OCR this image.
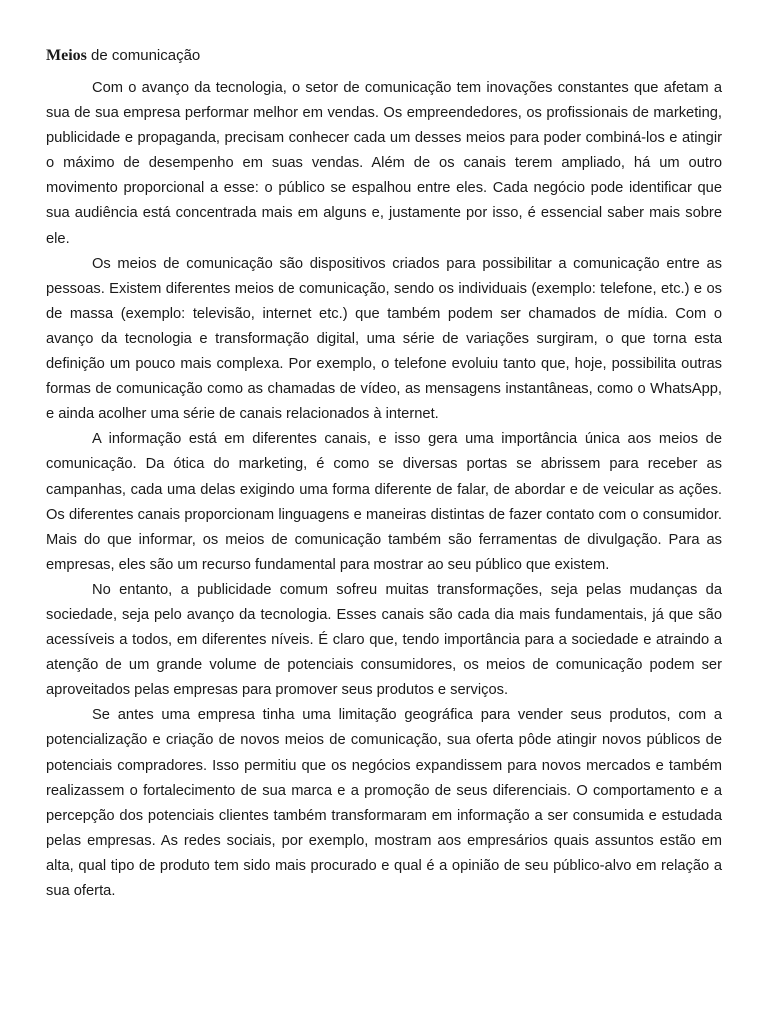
Meios de comunicação

Com o avanço da tecnologia, o setor de comunicação tem inovações constantes que afetam a sua de sua empresa performar melhor em vendas. Os empreendedores, os profissionais de marketing, publicidade e propaganda, precisam conhecer cada um desses meios para poder combiná-los e atingir o máximo de desempenho em suas vendas. Além de os canais terem ampliado, há um outro movimento proporcional a esse: o público se espalhou entre eles. Cada negócio pode identificar que sua audiência está concentrada mais em alguns e, justamente por isso, é essencial saber mais sobre ele.

Os meios de comunicação são dispositivos criados para possibilitar a comunicação entre as pessoas. Existem diferentes meios de comunicação, sendo os individuais (exemplo: telefone, etc.) e os de massa (exemplo: televisão, internet etc.) que também podem ser chamados de mídia. Com o avanço da tecnologia e transformação digital, uma série de variações surgiram, o que torna esta definição um pouco mais complexa. Por exemplo, o telefone evoluiu tanto que, hoje, possibilita outras formas de comunicação como as chamadas de vídeo, as mensagens instantâneas, como o WhatsApp, e ainda acolher uma série de canais relacionados à internet.

A informação está em diferentes canais, e isso gera uma importância única aos meios de comunicação. Da ótica do marketing, é como se diversas portas se abrissem para receber as campanhas, cada uma delas exigindo uma forma diferente de falar, de abordar e de veicular as ações. Os diferentes canais proporcionam linguagens e maneiras distintas de fazer contato com o consumidor. Mais do que informar, os meios de comunicação também são ferramentas de divulgação. Para as empresas, eles são um recurso fundamental para mostrar ao seu público que existem.

No entanto, a publicidade comum sofreu muitas transformações, seja pelas mudanças da sociedade, seja pelo avanço da tecnologia. Esses canais são cada dia mais fundamentais, já que são acessíveis a todos, em diferentes níveis. É claro que, tendo importância para a sociedade e atraindo a atenção de um grande volume de potenciais consumidores, os meios de comunicação podem ser aproveitados pelas empresas para promover seus produtos e serviços.

Se antes uma empresa tinha uma limitação geográfica para vender seus produtos, com a potencialização e criação de novos meios de comunicação, sua oferta pôde atingir novos públicos de potenciais compradores. Isso permitiu que os negócios expandissem para novos mercados e também realizassem o fortalecimento de sua marca e a promoção de seus diferenciais. O comportamento e a percepção dos potenciais clientes também transformaram em informação a ser consumida e estudada pelas empresas. As redes sociais, por exemplo, mostram aos empresários quais assuntos estão em alta, qual tipo de produto tem sido mais procurado e qual é a opinião de seu público-alvo em relação a sua oferta.
